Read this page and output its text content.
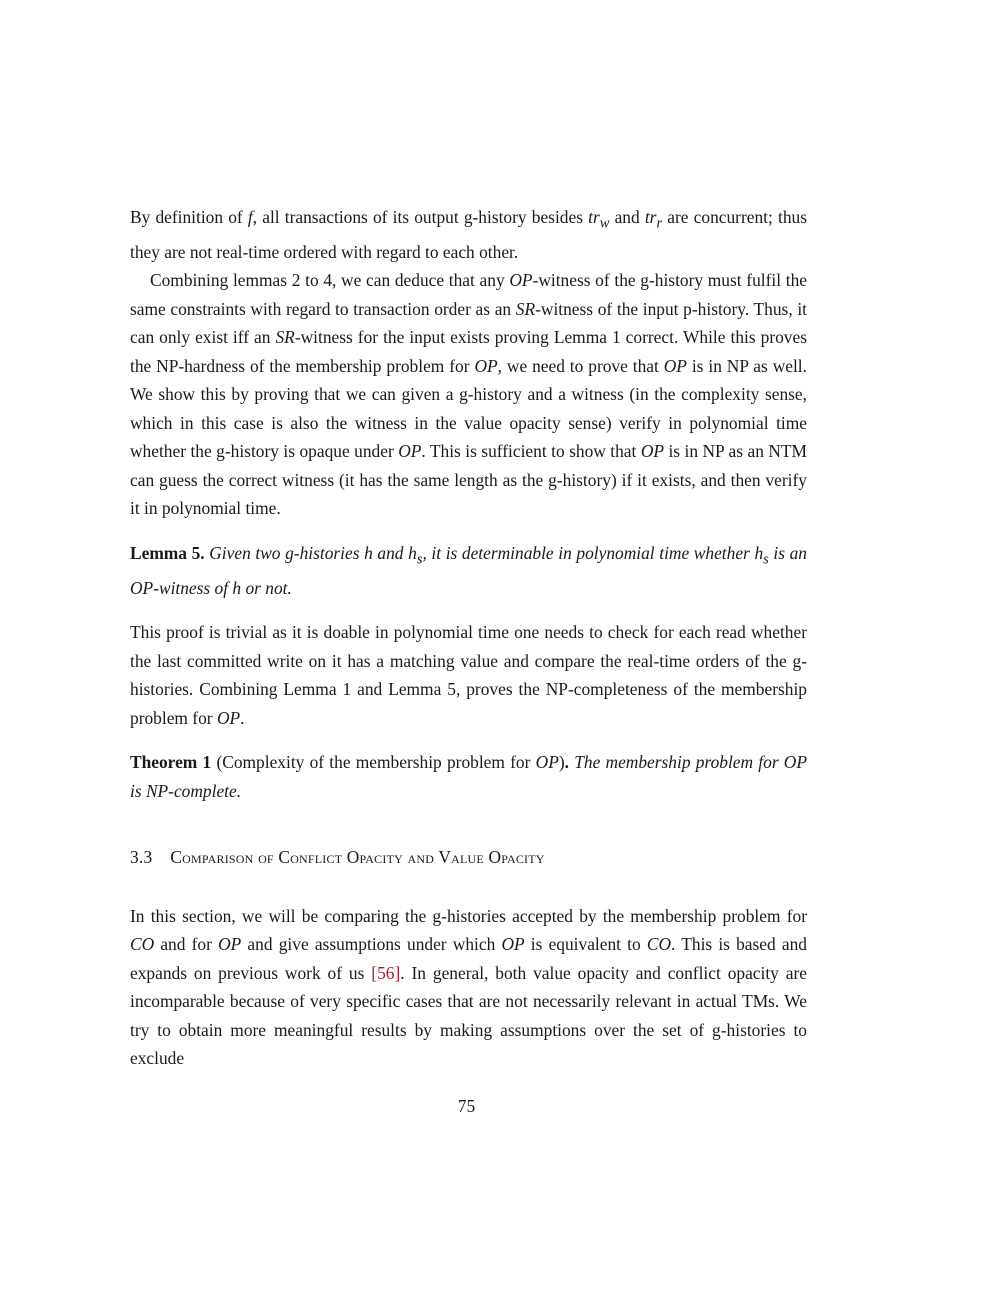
By definition of f, all transactions of its output g-history besides $tr_w$ and $tr_r$ are concurrent; thus they are not real-time ordered with regard to each other.

Combining lemmas 2 to 4, we can deduce that any OP-witness of the g-history must fulfil the same constraints with regard to transaction order as an SR-witness of the input p-history. Thus, it can only exist iff an SR-witness for the input exists proving Lemma 1 correct. While this proves the NP-hardness of the membership problem for OP, we need to prove that OP is in NP as well. We show this by proving that we can given a g-history and a witness (in the complexity sense, which in this case is also the witness in the value opacity sense) verify in polynomial time whether the g-history is opaque under OP. This is sufficient to show that OP is in NP as an NTM can guess the correct witness (it has the same length as the g-history) if it exists, and then verify it in polynomial time.

Lemma 5. Given two g-histories h and $h_s$, it is determinable in polynomial time whether $h_s$ is an OP-witness of h or not.

This proof is trivial as it is doable in polynomial time one needs to check for each read whether the last committed write on it has a matching value and compare the real-time orders of the g-histories. Combining Lemma 1 and Lemma 5, proves the NP-completeness of the membership problem for OP.

Theorem 1 (Complexity of the membership problem for OP). The membership problem for OP is NP-complete.

3.3 Comparison of Conflict Opacity and Value Opacity

In this section, we will be comparing the g-histories accepted by the membership problem for CO and for OP and give assumptions under which OP is equivalent to CO. This is based and expands on previous work of us [56]. In general, both value opacity and conflict opacity are incomparable because of very specific cases that are not necessarily relevant in actual TMs. We try to obtain more meaningful results by making assumptions over the set of g-histories to exclude

75
